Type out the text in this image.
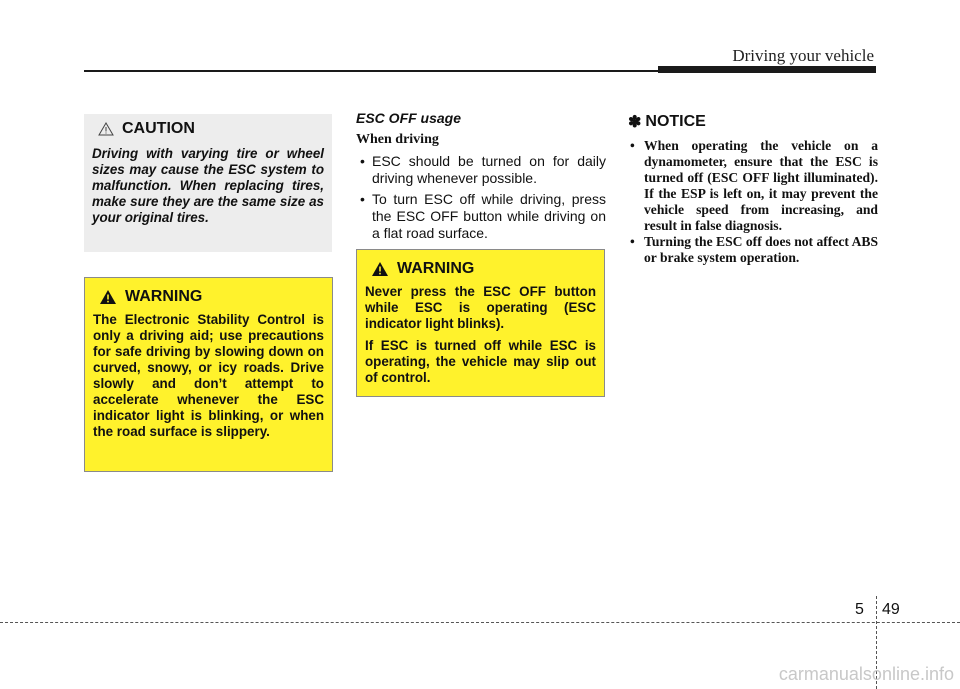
Driving your vehicle
CAUTION
Driving with varying tire or wheel sizes may cause the ESC system to malfunction. When replacing tires, make sure they are the same size as your original tires.
WARNING
The Electronic Stability Control is only a driving aid; use precautions for safe driving by slowing down on curved, snowy, or icy roads. Drive slowly and don’t attempt to accelerate whenever the ESC indicator light is blinking, or when the road surface is slippery.
ESC OFF usage
When driving
• ESC should be turned on for daily driving whenever possible.
• To turn ESC off while driving, press the ESC OFF button while driving on a flat road surface.
WARNING

Never press the ESC OFF button while ESC is operating (ESC indicator light blinks).

If ESC is turned off while ESC is operating, the vehicle may slip out of control.

✽ NOTICE
• When operating the vehicle on a dynamometer, ensure that the ESC is turned off (ESC OFF light illuminated). If the ESP is left on, it may prevent the vehicle speed from increasing, and result in false diagnosis.
• Turning the ESC off does not affect ABS or brake system operation.
5 49
carmanualsonline.info
